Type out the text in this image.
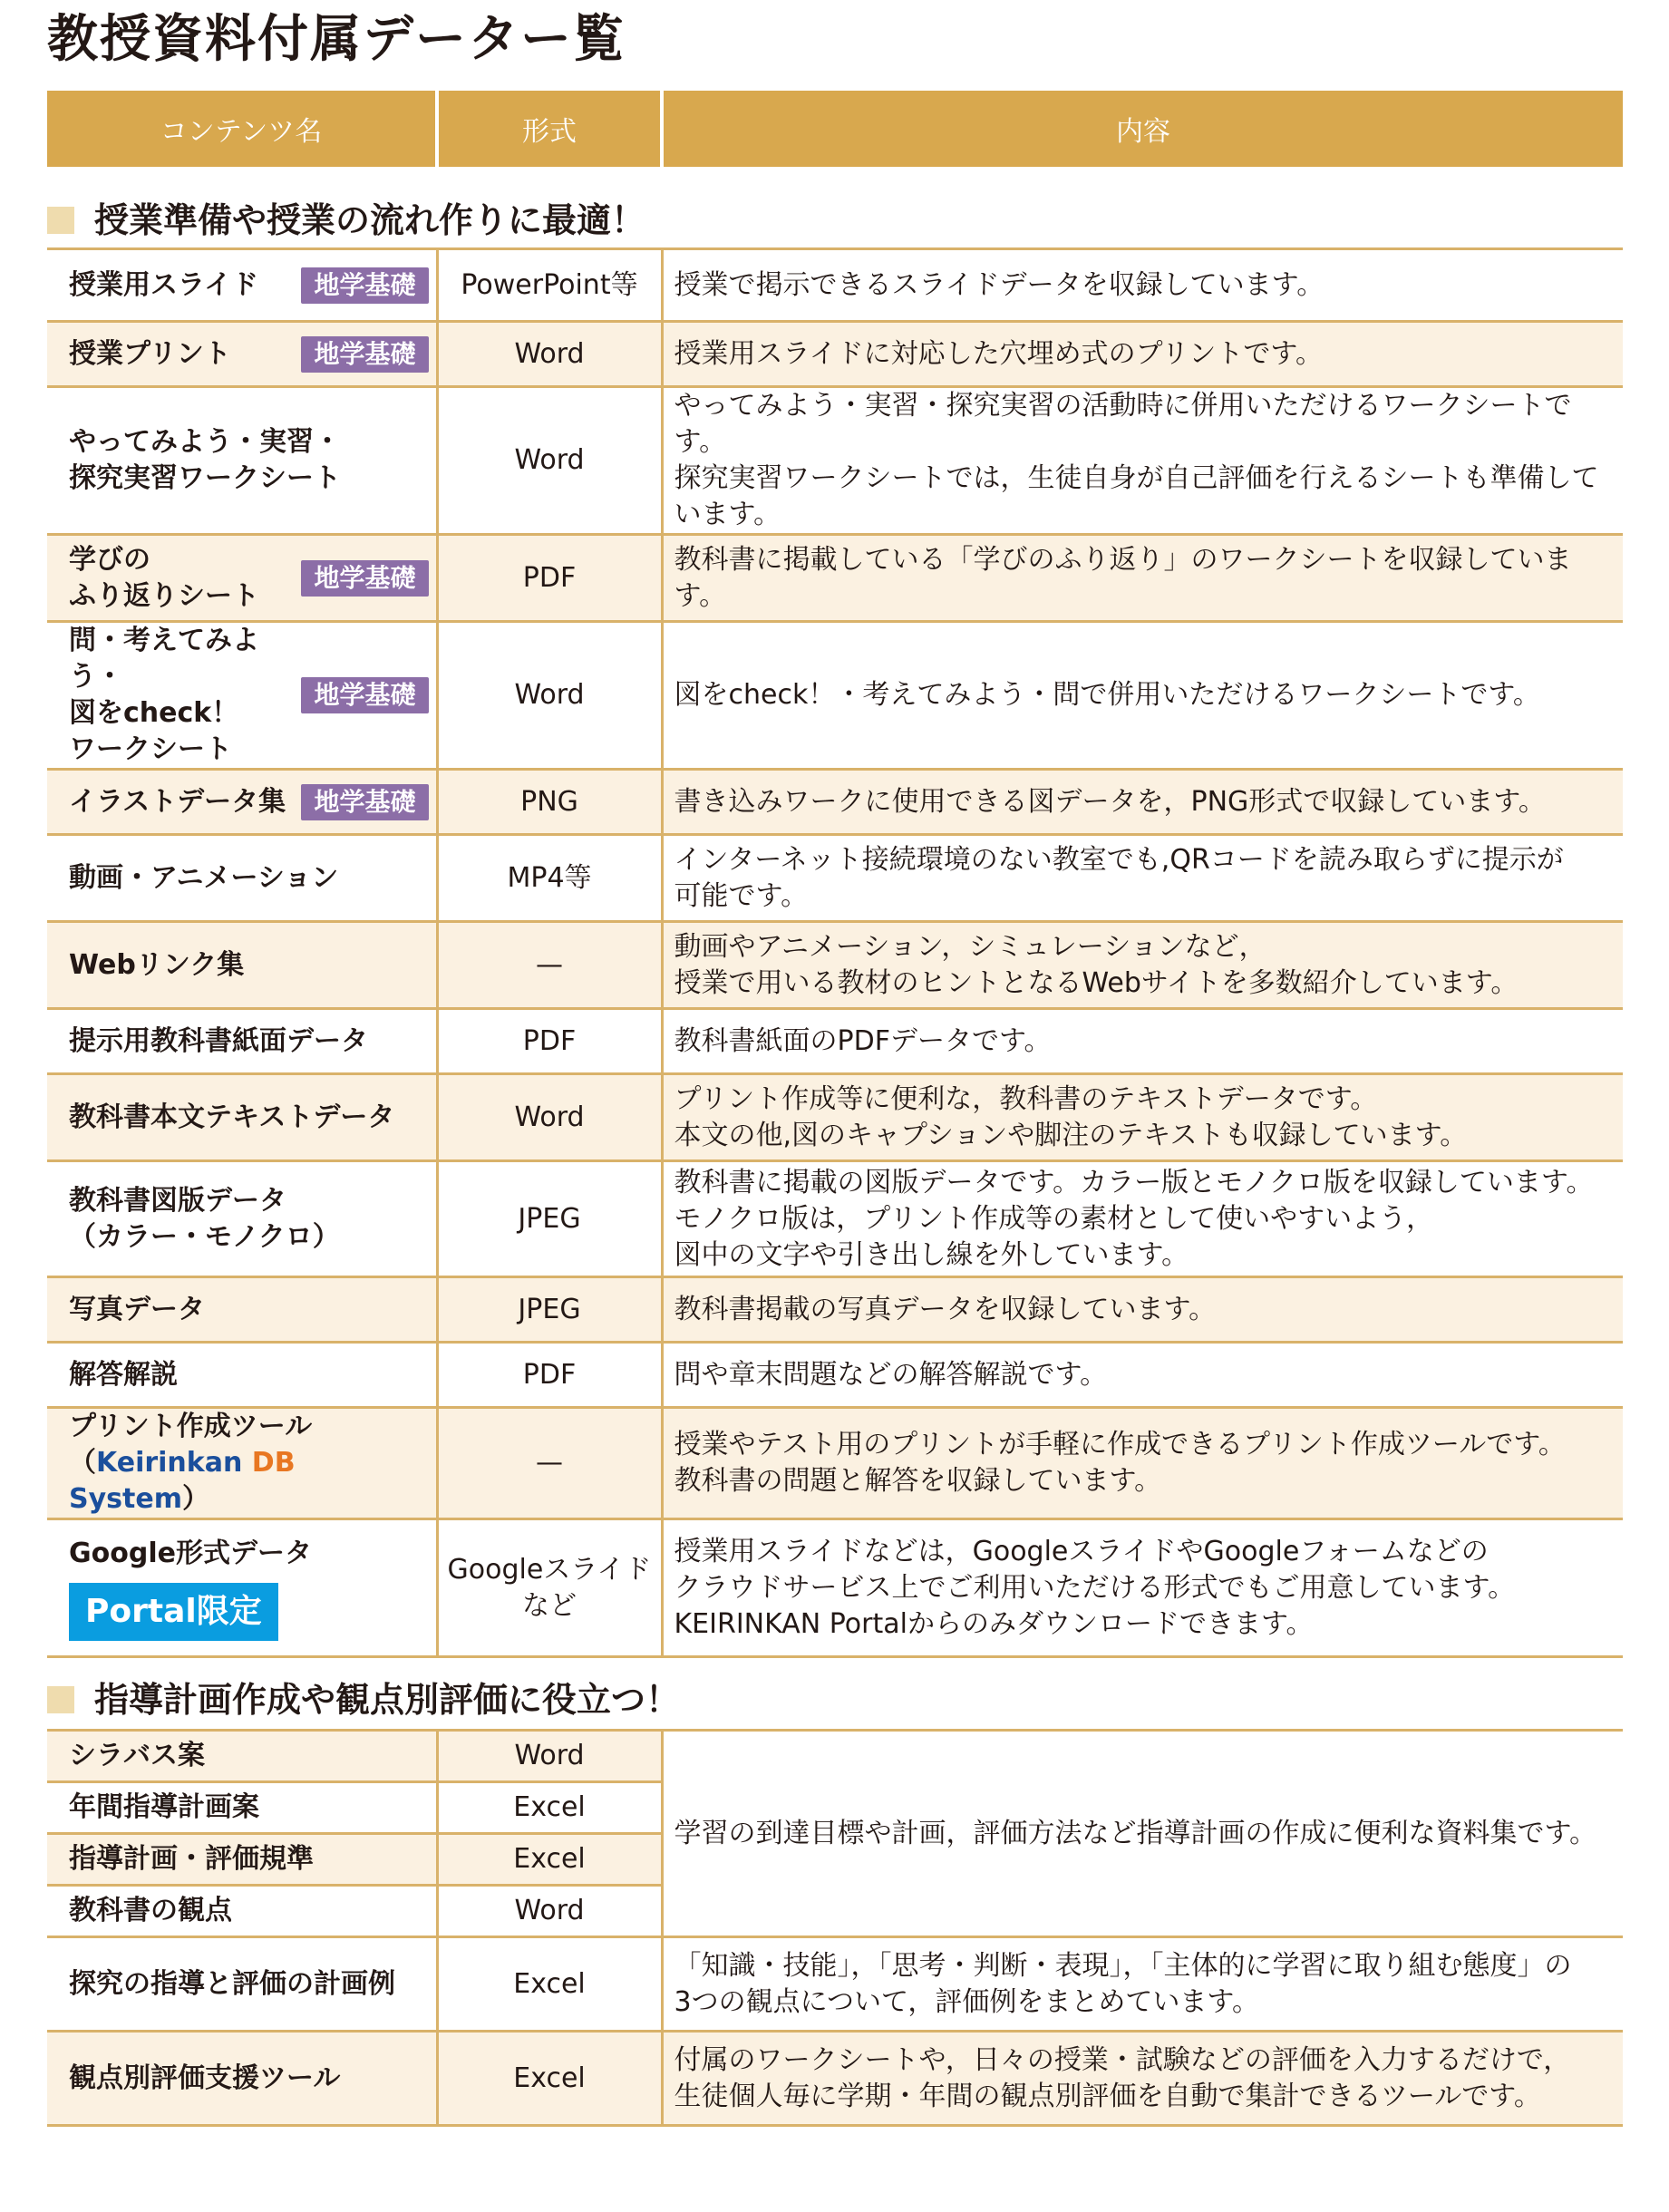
教授資料付属データー覧
コンテンツ名	形式	内容
授業準備や授業の流れ作りに最適！
授業用スライド 地学基礎	PowerPoint等	授業で掲示できるスライドデータを収録しています。

授業プリント 地学基礎	Word	授業用スライドに対応した穴埋め式のプリントです。

やってみよう・実習・
探究実習ワークシート	Word	やってみよう・実習・探究実習の活動時に併用いただけるワークシートです。
探究実習ワークシートでは，生徒自身が自己評価を行えるシートも準備して
います。

学びの
ふり返りシート
地学基礎	PDF	教科書に掲載している「学びのふり返り」のワークシートを収録しています。

問・考えてみよう・
図をcheck！
ワークシート
地学基礎	Word	図をcheck！・考えてみよう・問で併用いただけるワークシートです。

イラストデータ集 地学基礎	PNG	書き込みワークに使用できる図データを，PNG形式で収録しています。

動画・アニメーション	MP4等	インターネット接続環境のない教室でも,QRコードを読み取らずに提示が
可能です。

Webリンク集	—	動画やアニメーション，シミュレーションなど，
授業で用いる教材のヒントとなるWebサイトを多数紹介しています。

提示用教科書紙面データ	PDF	教科書紙面のPDFデータです。

教科書本文テキストデータ	Word	プリント作成等に便利な，教科書のテキストデータです。
本文の他,図のキャプションや脚注のテキストも収録しています。

教科書図版データ
（カラー・モノクロ）	JPEG	教科書に掲載の図版データです。カラー版とモノクロ版を収録しています。
モノクロ版は，プリント作成等の素材として使いやすいよう，
図中の文字や引き出し線を外しています。

写真データ	JPEG	教科書掲載の写真データを収録しています。

解答解説	PDF	問や章末問題などの解答解説です。

プリント作成ツール
（Keirinkan DB System）	—	授業やテスト用のプリントが手軽に作成できるプリント作成ツールです。
教科書の問題と解答を収録しています。

Google形式データ
Portal限定	Googleスライド
など	授業用スライドなどは，GoogleスライドやGoogleフォームなどの
クラウドサービス上でご利用いただける形式でもご用意しています。
KEIRINKAN Portalからのみダウンロードできます。
指導計画作成や観点別評価に役立つ！
シラバス案	Word	学習の到達目標や計画，評価方法など指導計画の作成に便利な資料集です。
年間指導計画案	Excel	
指導計画・評価規準	Excel	
教科書の観点	Word	
探究の指導と評価の計画例	Excel	「知識・技能」，「思考・判断・表現」，「主体的に学習に取り組む態度」の
3つの観点について，評価例をまとめています。

観点別評価支援ツール	Excel	付属のワークシートや，日々の授業・試験などの評価を入力するだけで，
生徒個人毎に学期・年間の観点別評価を自動で集計できるツールです。
